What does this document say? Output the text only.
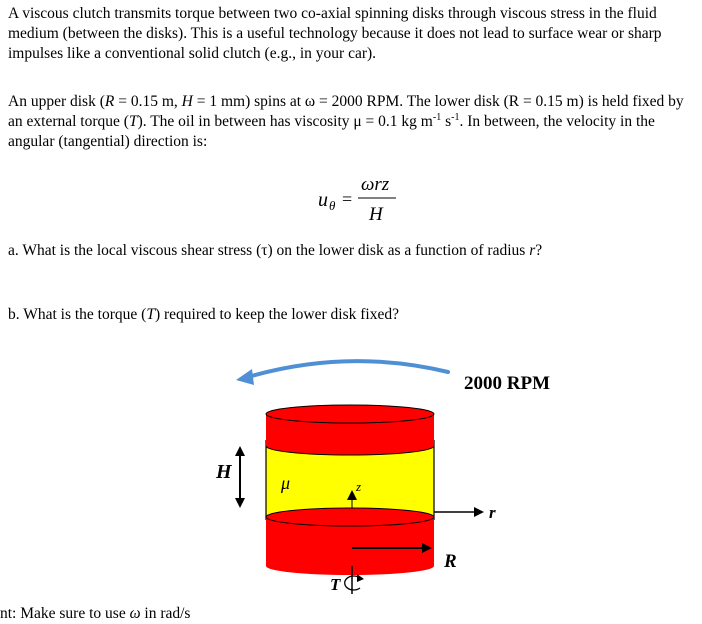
A viscous clutch transmits torque between two co-axial spinning disks through viscous stress in the fluid medium (between the disks). This is a useful technology because it does not lead to surface wear or sharp impulses like a conventional solid clutch (e.g., in your car).

An upper disk (R = 0.15 m, H = 1 mm) spins at ω = 2000 RPM. The lower disk (R = 0.15 m) is held fixed by an external torque (T). The oil in between has viscosity μ = 0.1 kg $m^{-1}$ $s^{-1}$. In between, the velocity in the angular (tangential) direction is:

u θ =
ωrz
H

a. What is the local viscous shear stress (τ) on the lower disk as a function of radius r?

b. What is the torque (T) required to keep the lower disk fixed?

nt: Make sure to use ω in rad/s
2000 RPM
H	μ	z
r
R
T
